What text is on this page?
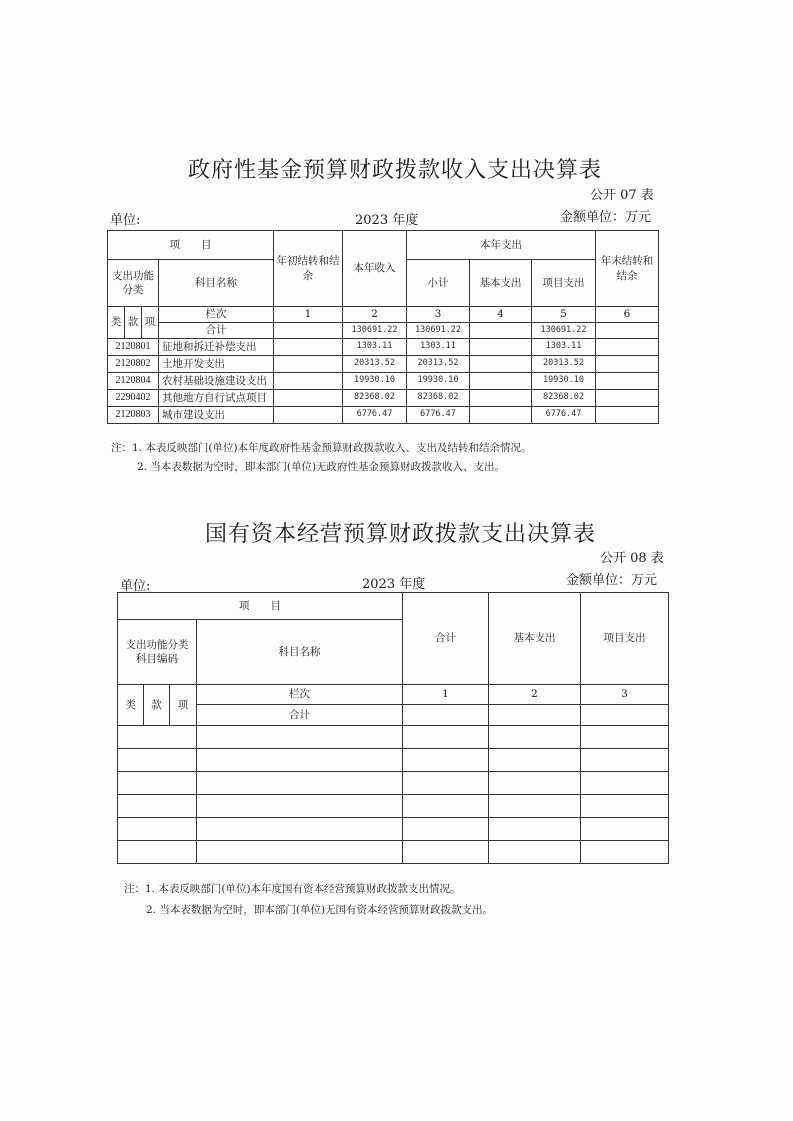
政府性基金预算财政拨款收入支出决算表
公开 07 表
单位:	2023 年度	金额单位：万元
项　　目				年初结转和结余	本年收入	本年支出			年末结转和结余
支出功能分类			科目名称			小计	基本支出	项目支出	
类	款	项	栏次	1	2	3	4	5	6
			合计		130691.22	130691.22		130691.22	
2120801			征地和拆迁补偿支出		1303.11	1303.11		1303.11	
2120802			土地开发支出		20313.52	20313.52		20313.52	
2120804			农村基础设施建设支出		19930.10	19930.10		19930.10	
2290402			其他地方自行试点项目		82368.02	82368.02		82368.02	
2120803			城市建设支出		6776.47	6776.47		6776.47	
注：1. 本表反映部门(单位)本年度政府性基金预算财政拨款收入、支出及结转和结余情况。
2. 当本表数据为空时，即本部门(单位)无政府性基金预算财政拨款收入、支出。
国有资本经营预算财政拨款支出决算表
公开 08 表
单位:	2023 年度	金额单位：万元
项　　目				合计	基本支出	项目支出
支出功能分类科目编码			科目名称			
类	款	项	栏次	1	2	3
			合计			

注：1. 本表反映部门(单位)本年度国有资本经营预算财政拨款支出情况。
2. 当本表数据为空时，即本部门(单位)无国有资本经营预算财政拨款支出。
